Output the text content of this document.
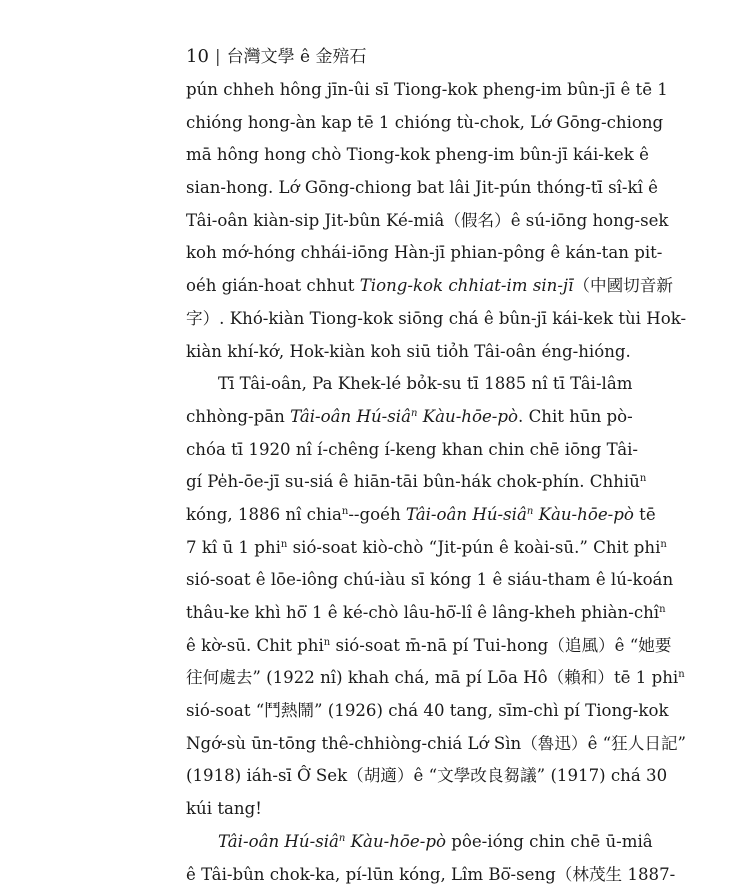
10 | 台灣文學 ê 金殕石
pún chheh hông jīn-ûi sī Tiong-kok pheng-im bûn-jī ê tē 1
chióng hong-àn kap tē 1 chióng tù-chok, Lớ Gōng-chiong
mā hông hong chò Tiong-kok pheng-im bûn-jī kái-kek ê
sian-hong. Lớ Gōng-chiong bat lâi Jit-pún thóng-tī sî-kî ê
Tâi-oân kiàn-sip Jit-bûn Ké-miâ（假名）ê sú-iōng hong-sek
koh mớ-hóng chhái-iōng Hàn-jī phian-pông ê kán-tan pit-
oéh gián-hoat chhut Tiong-kok chhiat-im sin-jī（中國切音新
字）. Khó-kiàn Tiong-kok siōng chá ê bûn-jī kái-kek tùi Hok-
kiàn khí-kớ, Hok-kiàn koh siū tiỏh Tâi-oân éng-hióng.
Tī Tâi-oân, Pa Khek-lé bỏk-su tī 1885 nî tī Tâi-lâm
chhòng-pān Tâi-oân Hú-siâ$^n$ Kàu-hōe-pò. Chit hūn pò-
chóa tī 1920 nî í-chêng í-keng khan chin chē iōng Tâi-
gí Pe̍h-ōe-jī su-siá ê hiān-tāi bûn-hák chok-phín. Chhiū$^n$
kóng, 1886 nî chia$^n$--goéh Tâi-oân Hú-siâ$^n$ Kàu-hōe-pò tē
7 kî ū 1 phi$^n$ sió-soat kiò-chò “Jit-pún ê koài-sū.” Chit phi$^n$
sió-soat ê lōe-iông chú-iàu sī kóng 1 ê siáu-tham ê lú-koán
thâu-ke khì hō͘ 1 ê ké-chò lâu-hō͘-lî ê lâng-kheh phiàn-chî$^n$
ê kờ-sū. Chit phi$^n$ sió-soat m̄-nā pí Tui-hong（追風）ê “她要
往何處去” (1922 nî) khah chá, mā pí Lōa Hô（賴和）tē 1 phi$^n$
sió-soat “鬥熱鬧” (1926) chá 40 tang, sīm-chì pí Tiong-kok
Ngớ-sù ūn-tōng thê-chhiòng-chiá Lớ Sìn（魯迅）ê “狂人日記”
(1918) iáh-sī Ô͘ Sek（胡適）ê “文學改良芻議” (1917) chá 30
kúi tang!
Tâi-oân Hú-siâ$^n$ Kàu-hōe-pò pôe-ióng chin chē ū-miâ
ê Tâi-bûn chok-ka, pí-lūn kóng, Lîm Bō͘-seng（林茂生 1887-
